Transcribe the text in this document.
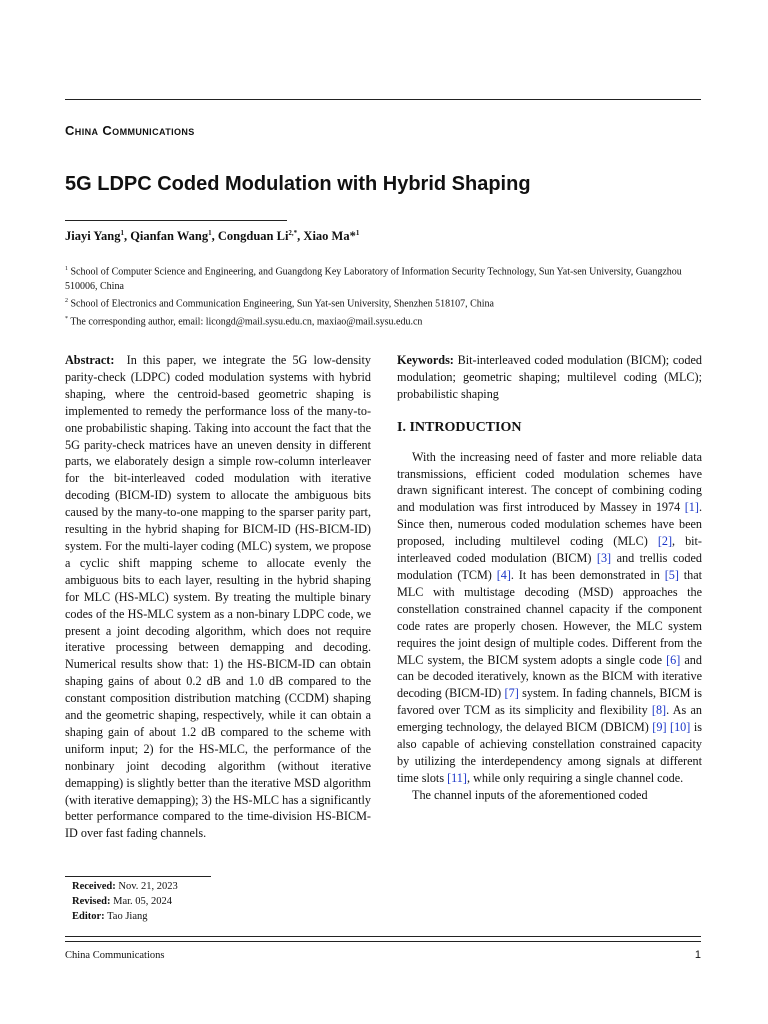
China Communications
5G LDPC Coded Modulation with Hybrid Shaping
Jiayi Yang$^1$, Qianfan Wang$^1$, Congduan $Li^{2,*}$, Xiao Ma*$^1$
$^1$ School of Computer Science and Engineering, and Guangdong Key Laboratory of Information Security Technology, Sun Yat-sen University, Guangzhou 510006, China
$^2$ School of Electronics and Communication Engineering, Sun Yat-sen University, Shenzhen 518107, China
* The corresponding author, email: licongd@mail.sysu.edu.cn, maxiao@mail.sysu.edu.cn

Abstract: In this paper, we integrate the 5G low-density parity-check (LDPC) coded modulation systems with hybrid shaping, where the centroid-based geometric shaping is implemented to remedy the performance loss of the many-to-one probabilistic shaping. Taking into account the fact that the 5G parity-check matrices have an uneven density in different parts, we elaborately design a simple row-column interleaver for the bit-interleaved coded modulation with iterative decoding (BICM-ID) system to allocate the ambiguous bits caused by the many-to-one mapping to the sparser parity part, resulting in the hybrid shaping for BICM-ID (HS-BICM-ID) system. For the multi-layer coding (MLC) system, we propose a cyclic shift mapping scheme to allocate evenly the ambiguous bits to each layer, resulting in the hybrid shaping for MLC (HS-MLC) system. By treating the multiple binary codes of the HS-MLC system as a non-binary LDPC code, we present a joint decoding algorithm, which does not require iterative processing between demapping and decoding. Numerical results show that: 1) the HS-BICM-ID can obtain shaping gains of about 0.2 dB and 1.0 dB compared to the constant composition distribution matching (CCDM) shaping and the geometric shaping, respectively, while it can obtain a shaping gain of about 1.2 dB compared to the scheme with uniform input; 2) for the HS-MLC, the performance of the nonbinary joint decoding algorithm (without iterative demapping) is slightly better than the iterative MSD algorithm (with iterative demapping); 3) the HS-MLC has a significantly better performance compared to the time-division HS-BICM-ID over fast fading channels.

Keywords: Bit-interleaved coded modulation (BICM); coded modulation; geometric shaping; multilevel coding (MLC); probabilistic shaping

I. INTRODUCTION

With the increasing need of faster and more reliable data transmissions, efficient coded modulation schemes have drawn significant interest. The concept of combining coding and modulation was first introduced by Massey in 1974 [1]. Since then, numerous coded modulation schemes have been proposed, including multilevel coding (MLC) [2], bit-interleaved coded modulation (BICM) [3] and trellis coded modulation (TCM) [4]. It has been demonstrated in [5] that MLC with multistage decoding (MSD) approaches the constellation constrained channel capacity if the component code rates are properly chosen. However, the MLC system requires the joint design of multiple codes. Different from the MLC system, the BICM system adopts a single code [6] and can be decoded iteratively, known as the BICM with iterative decoding (BICM-ID) [7] system. In fading channels, BICM is favored over TCM as its simplicity and flexibility [8]. As an emerging technology, the delayed BICM (DBICM) [9] [10] is also capable of achieving constellation constrained capacity by utilizing the interdependency among signals at different time slots [11], while only requiring a single channel code.

The channel inputs of the aforementioned coded

Received: Nov. 21, 2023
Revised: Mar. 05, 2024
Editor: Tao Jiang
China Communications	1
